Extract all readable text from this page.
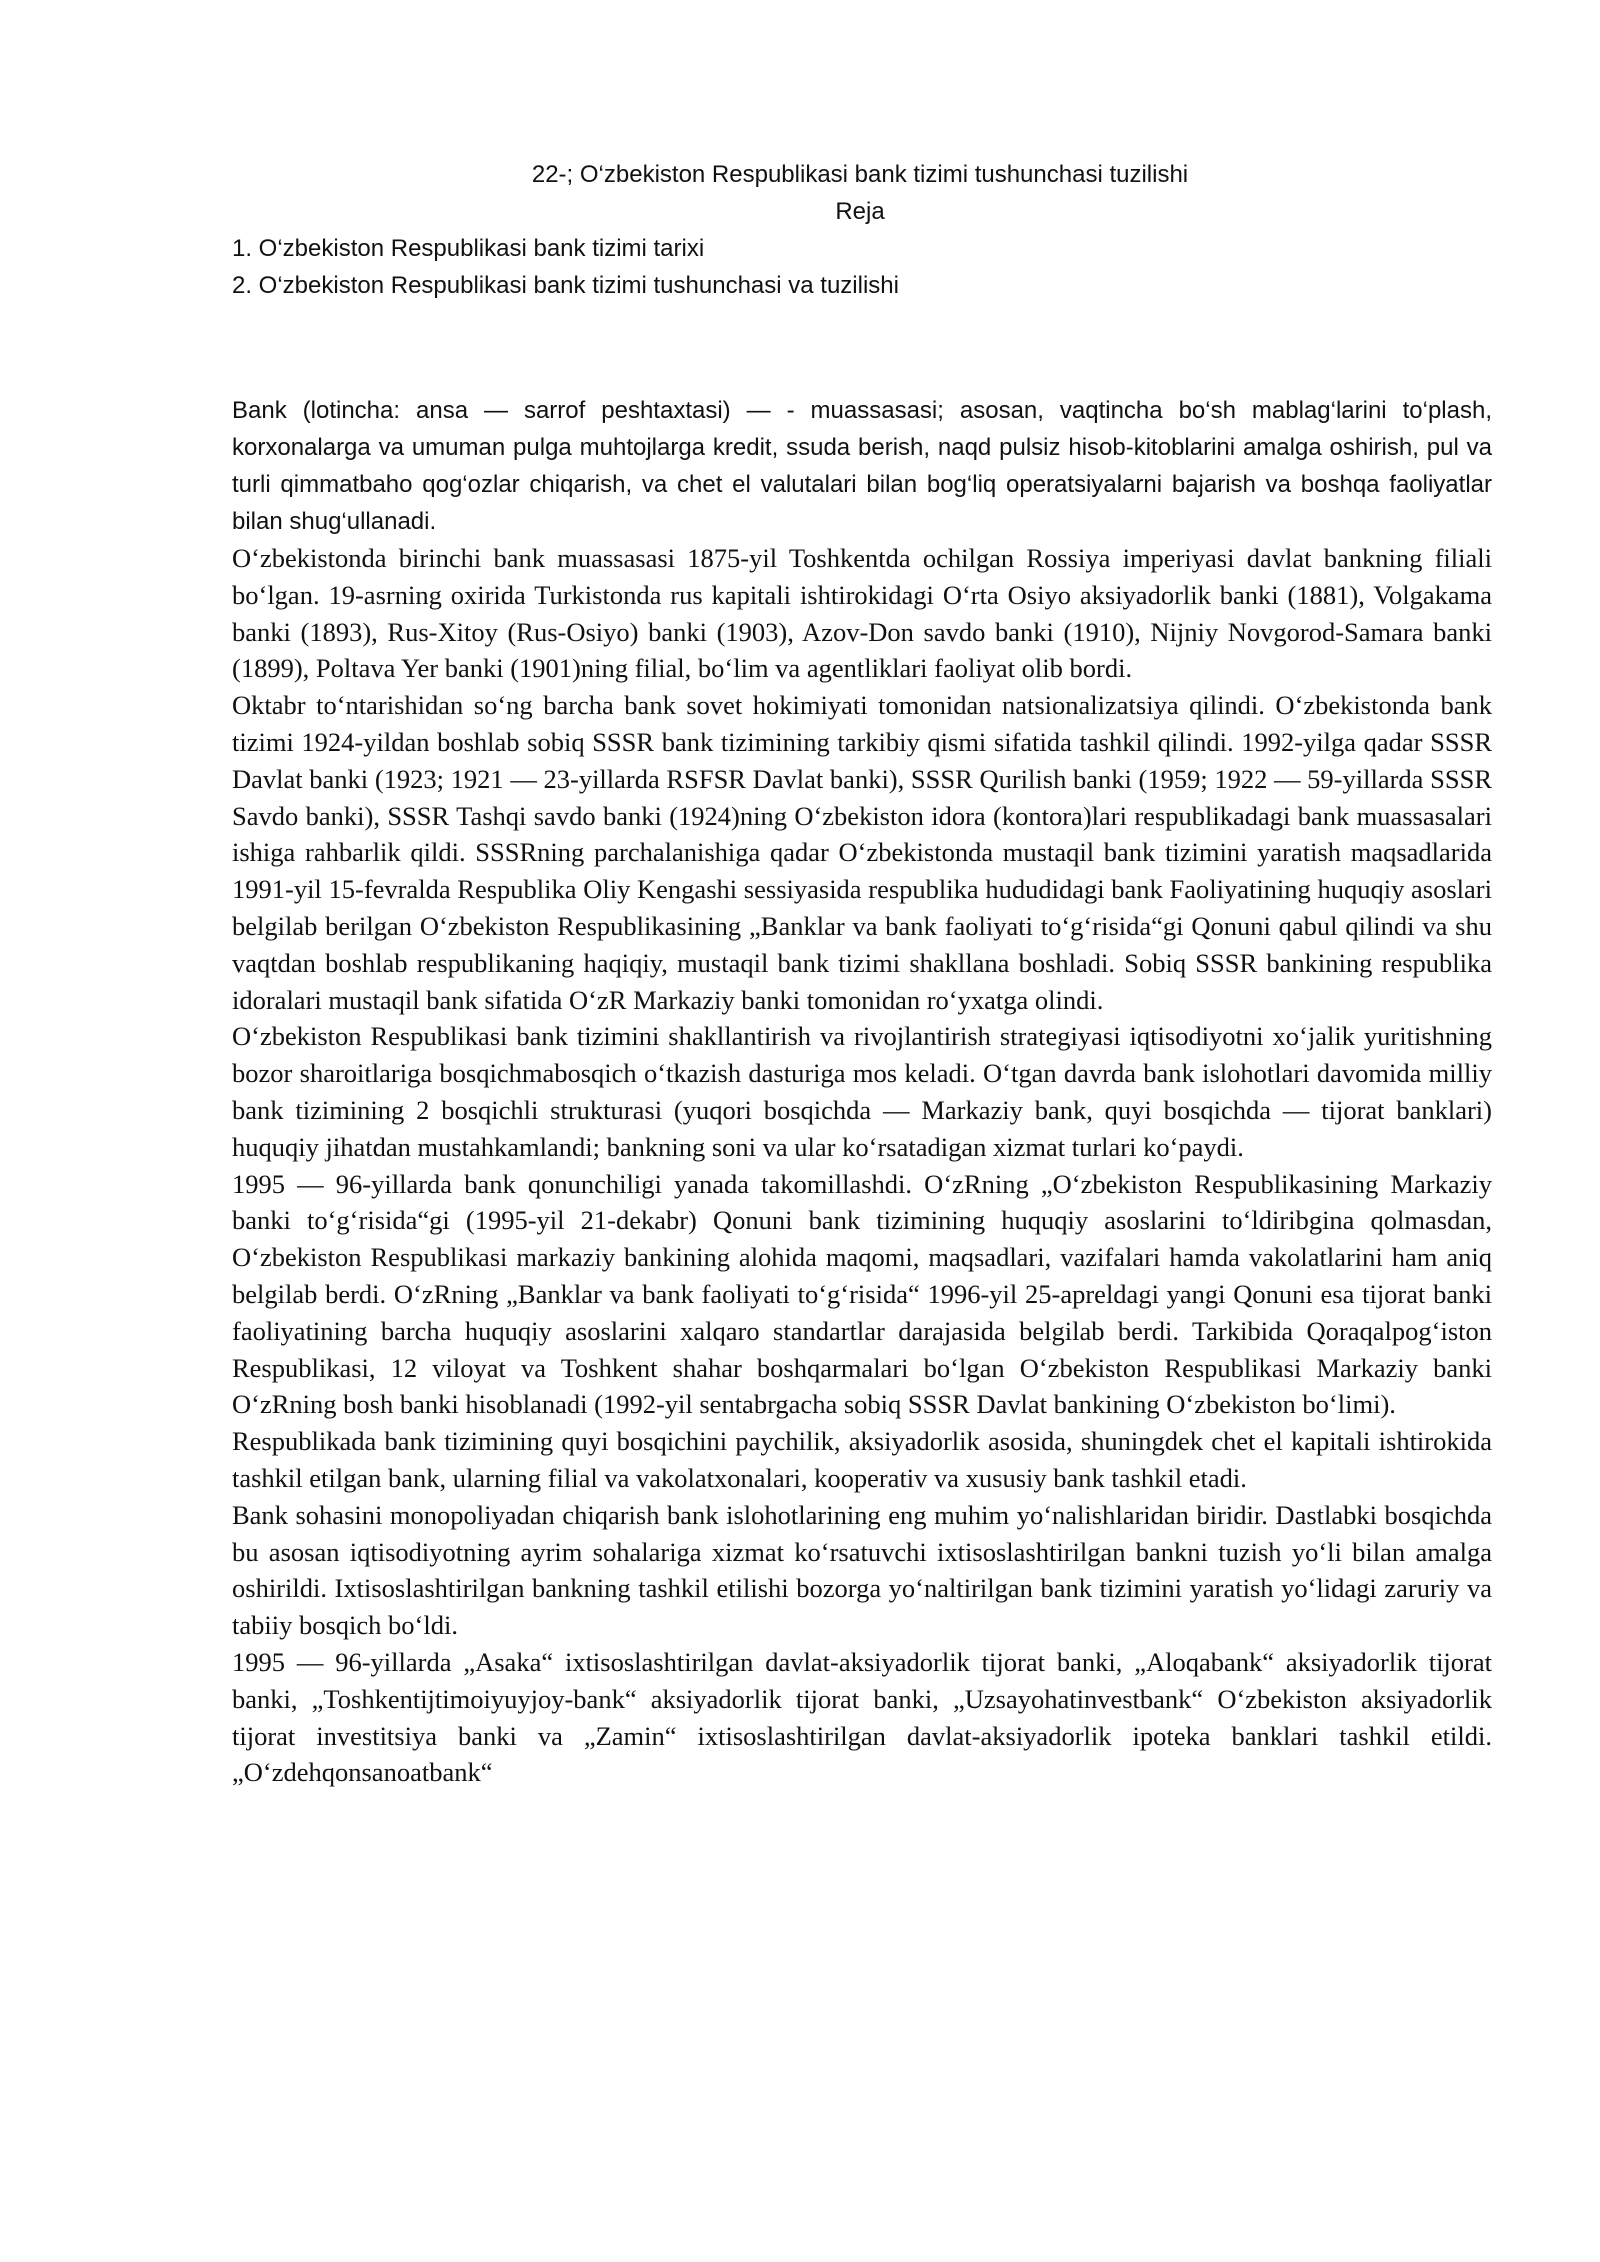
22-; O‘zbekiston Respublikasi bank tizimi tushunchasi tuzilishi

Reja

1. O‘zbekiston Respublikasi bank tizimi tarixi
2. O‘zbekiston Respublikasi bank tizimi tushunchasi va tuzilishi

Bank (lotincha: ansa — sarrof peshtaxtasi) — - muassasasi; asosan, vaqtincha bo‘sh mablag‘larini to‘plash, korxonalarga va umuman pulga muhtojlarga kredit, ssuda berish, naqd pulsiz hisob-kitoblarini amalga oshirish, pul va turli qimmatbaho qog‘ozlar chiqarish, va chet el valutalari bilan bog‘liq operatsiyalarni bajarish va boshqa faoliyatlar bilan shug‘ullanadi.

O‘zbekistonda birinchi bank muassasasi 1875-yil Toshkentda ochilgan Rossiya imperiyasi davlat bankning filiali bo‘lgan. 19-asrning oxirida Turkistonda rus kapitali ishtirokidagi O‘rta Osiyo aksiyadorlik banki (1881), Volgakama banki (1893), Rus-Xitoy (Rus-Osiyo) banki (1903), Azov-Don savdo banki (1910), Nijniy Novgorod-Samara banki (1899), Poltava Yer banki (1901)ning filial, bo‘lim va agentliklari faoliyat olib bordi.

Oktabr to‘ntarishidan so‘ng barcha bank sovet hokimiyati tomonidan natsionalizatsiya qilindi. O‘zbekistonda bank tizimi 1924-yildan boshlab sobiq SSSR bank tizimining tarkibiy qismi sifatida tashkil qilindi. 1992-yilga qadar SSSR Davlat banki (1923; 1921 — 23-yillarda RSFSR Davlat banki), SSSR Qurilish banki (1959; 1922 — 59-yillarda SSSR Savdo banki), SSSR Tashqi savdo banki (1924)ning O‘zbekiston idora (kontora)lari respublikadagi bank muassasalari ishiga rahbarlik qildi. SSSRning parchalanishiga qadar O‘zbekistonda mustaqil bank tizimini yaratish maqsadlarida 1991-yil 15-fevralda Respublika Oliy Kengashi sessiyasida respublika hududidagi bank Faoliyatining huquqiy asoslari belgilab berilgan O‘zbekiston Respublikasining „Banklar va bank faoliyati to‘g‘risida“gi Qonuni qabul qilindi va shu vaqtdan boshlab respublikaning haqiqiy, mustaqil bank tizimi shakllana boshladi. Sobiq SSSR bankining respublika idoralari mustaqil bank sifatida O‘zR Markaziy banki tomonidan ro‘yxatga olindi.

O‘zbekiston Respublikasi bank tizimini shakllantirish va rivojlantirish strategiyasi iqtisodiyotni xo‘jalik yuritishning bozor sharoitlariga bosqichmabosqich o‘tkazish dasturiga mos keladi. O‘tgan davrda bank islohotlari davomida milliy bank tizimining 2 bosqichli strukturasi (yuqori bosqichda — Markaziy bank, quyi bosqichda — tijorat banklari) huquqiy jihatdan mustahkamlandi; bankning soni va ular ko‘rsatadigan xizmat turlari ko‘paydi.

1995 — 96-yillarda bank qonunchiligi yanada takomillashdi. O‘zRning „O‘zbekiston Respublikasining Markaziy banki to‘g‘risida“gi (1995-yil 21-dekabr) Qonuni bank tizimining huquqiy asoslarini to‘ldiribgina qolmasdan, O‘zbekiston Respublikasi markaziy bankining alohida maqomi, maqsadlari, vazifalari hamda vakolatlarini ham aniq belgilab berdi. O‘zRning „Banklar va bank faoliyati to‘g‘risida“ 1996-yil 25-apreldagi yangi Qonuni esa tijorat banki faoliyatining barcha huquqiy asoslarini xalqaro standartlar darajasida belgilab berdi. Tarkibida Qoraqalpog‘iston Respublikasi, 12 viloyat va Toshkent shahar boshqarmalari bo‘lgan O‘zbekiston Respublikasi Markaziy banki O‘zRning bosh banki hisoblanadi (1992-yil sentabrgacha sobiq SSSR Davlat bankining O‘zbekiston bo‘limi).

Respublikada bank tizimining quyi bosqichini paychilik, aksiyadorlik asosida, shuningdek chet el kapitali ishtirokida tashkil etilgan bank, ularning filial va vakolatxonalari, kooperativ va xususiy bank tashkil etadi.

Bank sohasini monopoliyadan chiqarish bank islohotlarining eng muhim yo‘nalishlaridan biridir. Dastlabki bosqichda bu asosan iqtisodiyotning ayrim sohalariga xizmat ko‘rsatuvchi ixtisoslashtirilgan bankni tuzish yo‘li bilan amalga oshirildi. Ixtisoslashtirilgan bankning tashkil etilishi bozorga yo‘naltirilgan bank tizimini yaratish yo‘lidagi zaruriy va tabiiy bosqich bo‘ldi.

1995 — 96-yillarda „Asaka“ ixtisoslashtirilgan davlat-aksiyadorlik tijorat banki, „Aloqabank“ aksiyadorlik tijorat banki, „Toshkentijtimoiyuyjoy-bank“ aksiyadorlik tijorat banki, „Uzsayohatinvestbank“ O‘zbekiston aksiyadorlik tijorat investitsiya banki va „Zamin“ ixtisoslashtirilgan davlat-aksiyadorlik ipoteka banklari tashkil etildi. „O‘zdehqonsanoatbank“
